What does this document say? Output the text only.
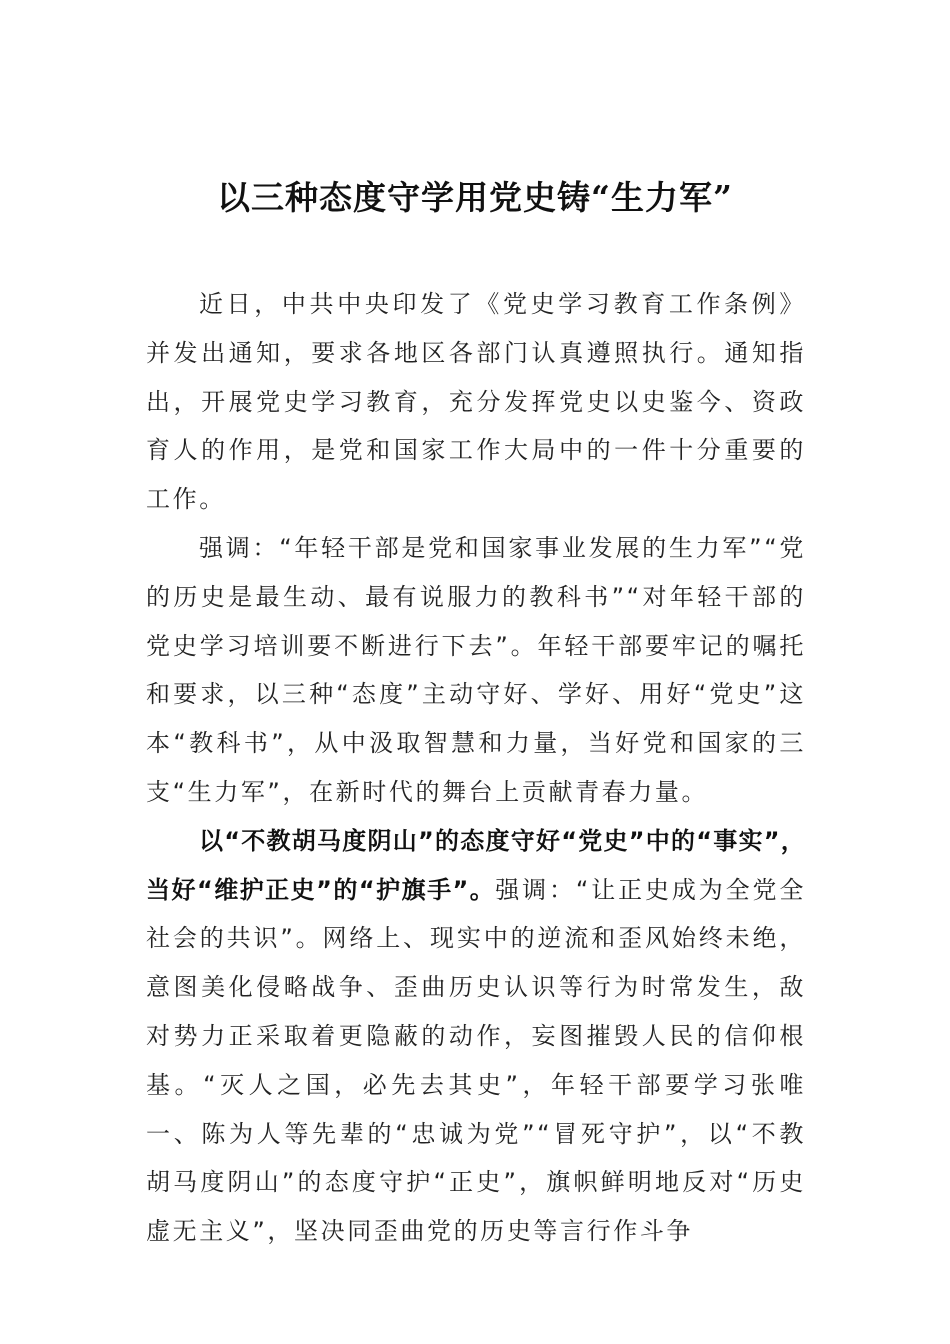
以三种态度守学用党史铸“生力军”

近日，中共中央印发了《党史学习教育工作条例》并发出通知，要求各地区各部门认真遵照执行。通知指出，开展党史学习教育，充分发挥党史以史鉴今、资政育人的作用，是党和国家工作大局中的一件十分重要的工作。

强调：“年轻干部是党和国家事业发展的生力军”“党的历史是最生动、最有说服力的教科书”“对年轻干部的党史学习培训要不断进行下去”。年轻干部要牢记的嘱托和要求，以三种“态度”主动守好、学好、用好“党史”这本“教科书”，从中汲取智慧和力量，当好党和国家的三支“生力军”，在新时代的舞台上贡献青春力量。

以“不教胡马度阴山”的态度守好“党史”中的“事实”，当好“维护正史”的“护旗手”。强调：“让正史成为全党全社会的共识”。网络上、现实中的逆流和歪风始终未绝，意图美化侵略战争、歪曲历史认识等行为时常发生，敌对势力正采取着更隐蔽的动作，妄图摧毁人民的信仰根基。“灭人之国，必先去其史”，年轻干部要学习张唯一、陈为人等先辈的“忠诚为党”“冒死守护”，以“不教胡马度阴山”的态度守护“正史”，旗帜鲜明地反对“历史虚无主义”，坚决同歪曲党的历史等言行作斗争
